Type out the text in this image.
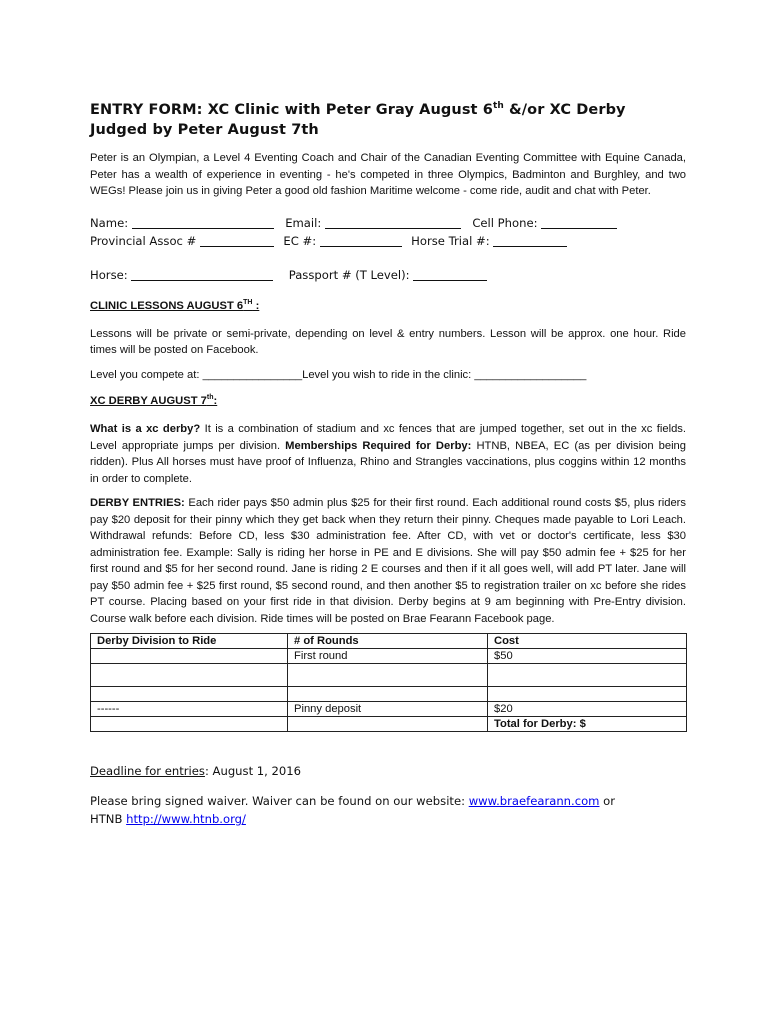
ENTRY FORM: XC Clinic with Peter Gray August 6th &/or XC Derby
Judged by Peter August 7th

Peter is an Olympian, a Level 4 Eventing Coach and Chair of the Canadian Eventing Committee with Equine Canada, Peter has a wealth of experience in eventing - he's competed in three Olympics, Badminton and Burghley, and two WEGs! Please join us in giving Peter a good old fashion Maritime welcome - come ride, audit and chat with Peter.

Name:	Email:	Cell Phone:
Provincial Assoc #	EC #:	Horse Trial #:
Horse:	Passport # (T Level):
CLINIC LESSONS AUGUST 6TH :

Lessons will be private or semi-private, depending on level & entry numbers. Lesson will be approx. one hour. Ride times will be posted on Facebook.

Level you compete at: ________________Level you wish to ride in the clinic: __________________

XC DERBY AUGUST 7th:

What is a xc derby? It is a combination of stadium and xc fences that are jumped together, set out in the xc fields. Level appropriate jumps per division. Memberships Required for Derby: HTNB, NBEA, EC (as per division being ridden). Plus All horses must have proof of Influenza, Rhino and Strangles vaccinations, plus coggins within 12 months in order to complete.

DERBY ENTRIES: Each rider pays $50 admin plus $25 for their first round. Each additional round costs $5, plus riders pay $20 deposit for their pinny which they get back when they return their pinny. Cheques made payable to Lori Leach. Withdrawal refunds: Before CD, less $30 administration fee. After CD, with vet or doctor's certificate, less $30 administration fee. Example: Sally is riding her horse in PE and E divisions. She will pay $50 admin fee + $25 for her first round and $5 for her second round. Jane is riding 2 E courses and then if it all goes well, will add PT later. Jane will pay $50 admin fee + $25 first round, $5 second round, and then another $5 to registration trailer on xc before she rides PT course. Placing based on your first ride in that division. Derby begins at 9 am beginning with Pre-Entry division. Course walk before each division. Ride times will be posted on Brae Fearann Facebook page.

Derby Division to Ride	# of Rounds	Cost
	First round	$50

------	Pinny deposit	$20
		Total for Derby: $

Deadline for entries: August 1, 2016

Please bring signed waiver. Waiver can be found on our website: www.braefearann.com or
HTNB http://www.htnb.org/
